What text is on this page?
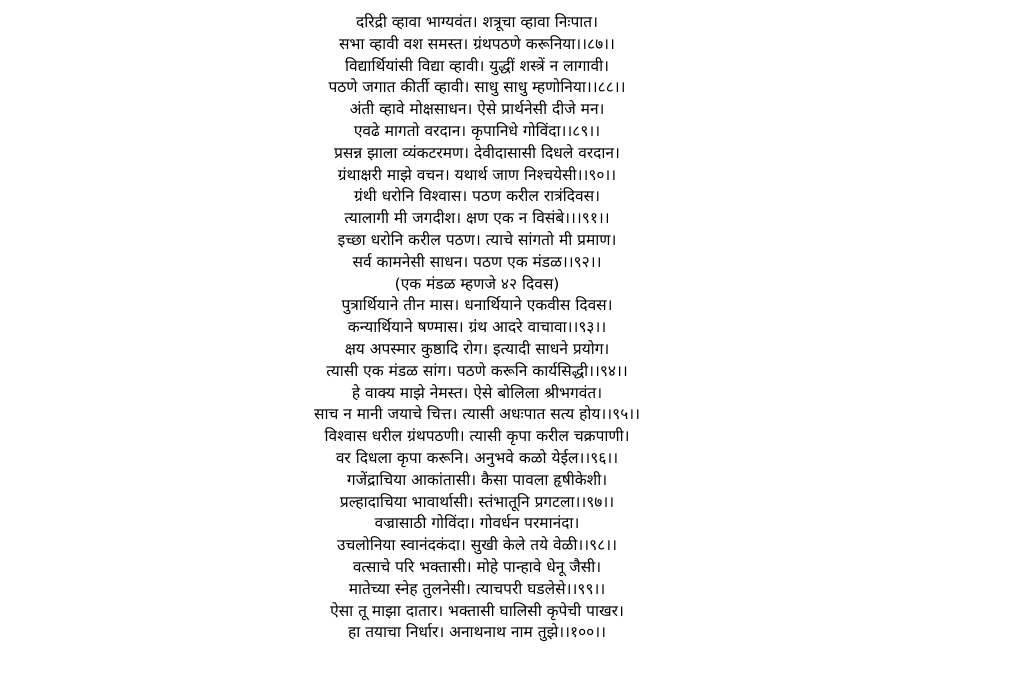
दरिद्री व्हावा भाग्यवंत। शत्रूचा व्हावा निःपात।
सभा व्हावी वश समस्त। ग्रंथपठणे करूनिया।।८७।।
विद्यार्थियांसी विद्या व्हावी। युद्धीं शस्त्रें न लागावी।
पठणे जगात कीर्ती व्हावी। साधु साधु म्हणोनिया।।८८।।
अंती व्हावे मोक्षसाधन। ऐसे प्रार्थनेसी दीजे मन।
एवढे मागतो वरदान। कृपानिधे गोविंदा।।८९।।
प्रसन्न झाला व्यंकटरमण। देवीदासासी दिधले वरदान।
ग्रंथाक्षरी माझे वचन। यथार्थ जाण निश्चयेसी।।९०।।
ग्रंथी धरोनि विश्वास। पठण करील रात्रंदिवस।
त्यालागी मी जगदीश। क्षण एक न विसंबे।।।९१।।
इच्छा धरोनि करील पठण। त्याचे सांगतो मी प्रमाण।
सर्व कामनेसी साधन। पठण एक मंडळ।।९२।।
(एक मंडळ म्हणजे ४२ दिवस)
पुत्रार्थियाने तीन मास। धनार्थियाने एकवीस दिवस।
कन्यार्थियाने षण्मास। ग्रंथ आदरे वाचावा।।९३।।
क्षय अपस्मार कुष्ठादि रोग। इत्यादी साधने प्रयोग।
त्यासी एक मंडळ सांग। पठणे करूनि कार्यसिद्धी।।९४।।
हे वाक्य माझे नेमस्त। ऐसे बोलिला श्रीभगवंत।
साच न मानी जयाचे चित्त। त्यासी अधःपात सत्य होय।।९५।।
विश्वास धरील ग्रंथपठणी। त्यासी कृपा करील चक्रपाणी।
वर दिधला कृपा करूनि। अनुभवे कळो येईल।।९६।।
गजेंद्राचिया आकांतासी। कैसा पावला हृषीकेशी।
प्रल्हादाचिया भावार्थासी। स्तंभातूनि प्रगटला।।९७।।
वज्रासाठी गोविंदा। गोवर्धन परमानंदा।
उचलोनिया स्वानंदकंदा। सुखी केले तये वेळी।।९८।।
वत्साचे परि भक्तासी। मोहे पान्हावे धेनू जैसी।
मातेच्या स्नेह तुलनेसी। त्याचपरी घडलेसे।।९९।।
ऐसा तू माझा दातार। भक्तासी घालिसी कृपेची पाखर।
हा तयाचा निर्धार। अनाथनाथ नाम तुझे।।१००।।
